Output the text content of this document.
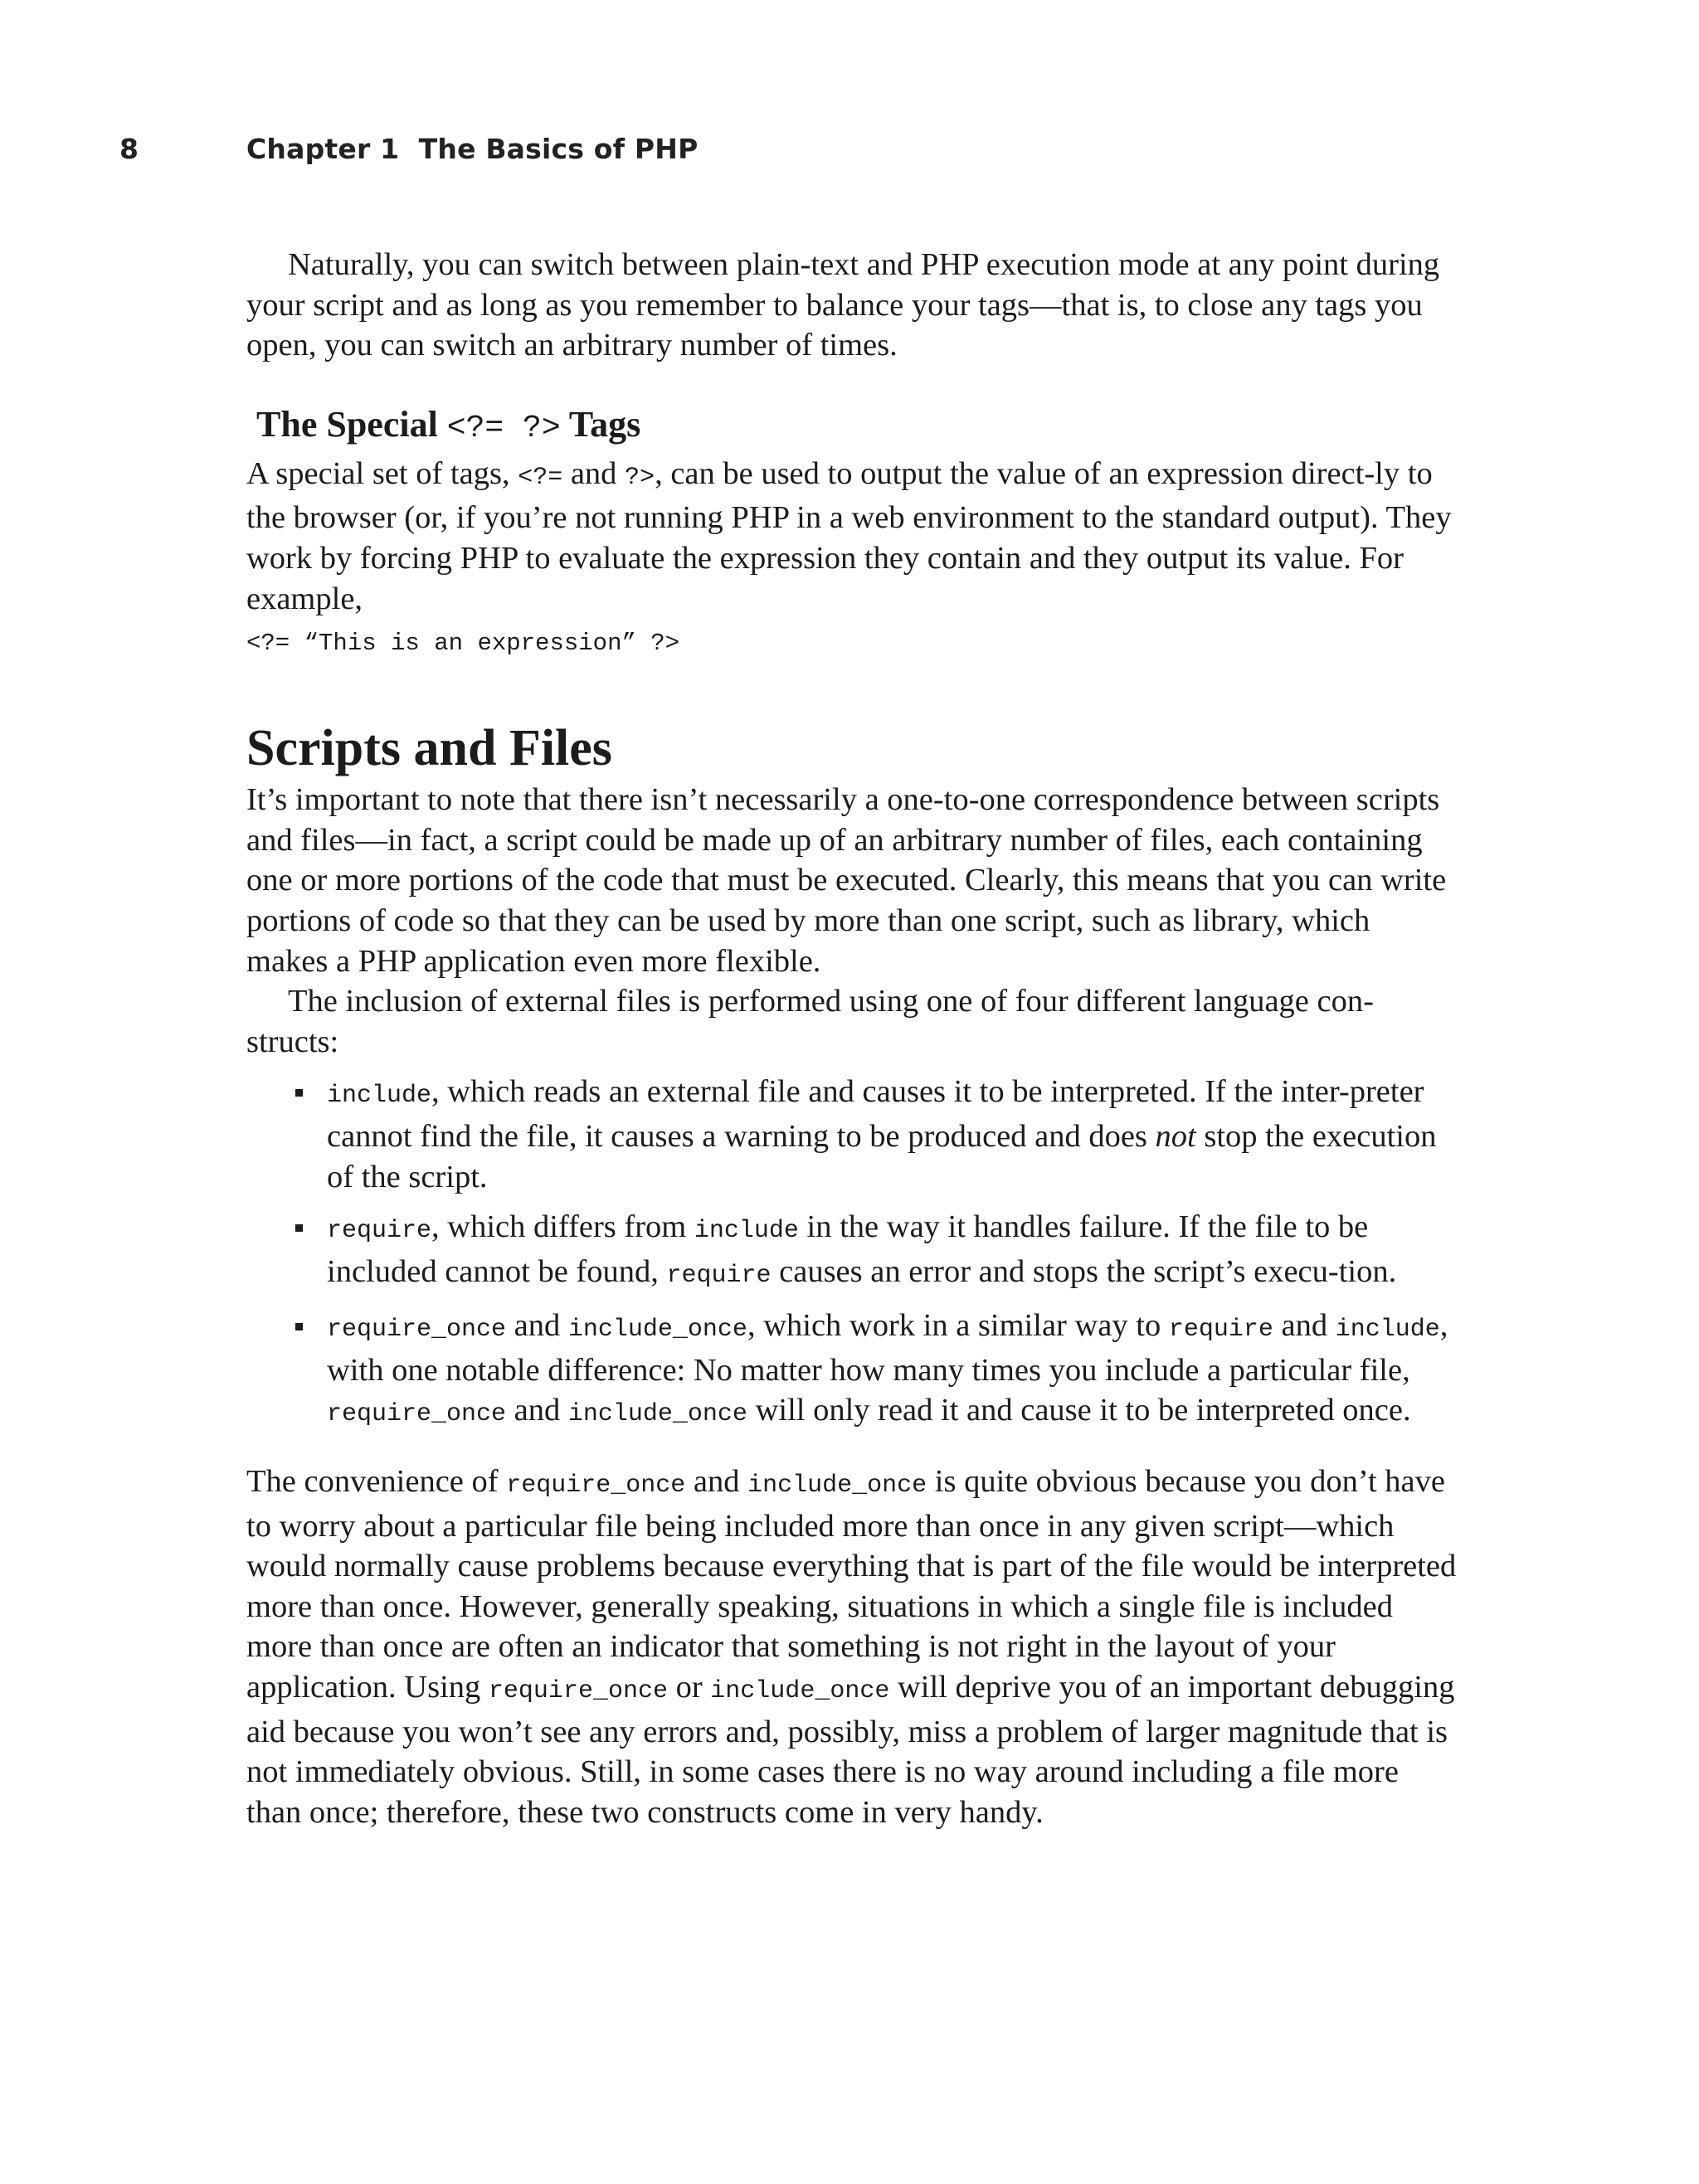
8	Chapter 1  The Basics of PHP

Naturally, you can switch between plain-text and PHP execution mode at any point during your script and as long as you remember to balance your tags—that is, to close any tags you open, you can switch an arbitrary number of times.

The Special <?= ?> Tags

A special set of tags, <?= and ?>, can be used to output the value of an expression direct-ly to the browser (or, if you’re not running PHP in a web environment to the standard output). They work by forcing PHP to evaluate the expression they contain and they output its value. For example,

<?= “This is an expression” ?>

Scripts and Files

It’s important to note that there isn’t necessarily a one-to-one correspondence between scripts and files—in fact, a script could be made up of an arbitrary number of files, each containing one or more portions of the code that must be executed. Clearly, this means that you can write portions of code so that they can be used by more than one script, such as library, which makes a PHP application even more flexible.

The inclusion of external files is performed using one of four different language con-structs:

include, which reads an external file and causes it to be interpreted. If the inter-preter cannot find the file, it causes a warning to be produced and does not stop the execution of the script.
require, which differs from include in the way it handles failure. If the file to be included cannot be found, require causes an error and stops the script’s execu-tion.
require_once and include_once, which work in a similar way to require and include, with one notable difference: No matter how many times you include a particular file, require_once and include_once will only read it and cause it to be interpreted once.

The convenience of require_once and include_once is quite obvious because you don’t have to worry about a particular file being included more than once in any given script—which would normally cause problems because everything that is part of the file would be interpreted more than once. However, generally speaking, situations in which a single file is included more than once are often an indicator that something is not right in the layout of your application. Using require_once or include_once will deprive you of an important debugging aid because you won’t see any errors and, possibly, miss a problem of larger magnitude that is not immediately obvious. Still, in some cases there is no way around including a file more than once; therefore, these two constructs come in very handy.
